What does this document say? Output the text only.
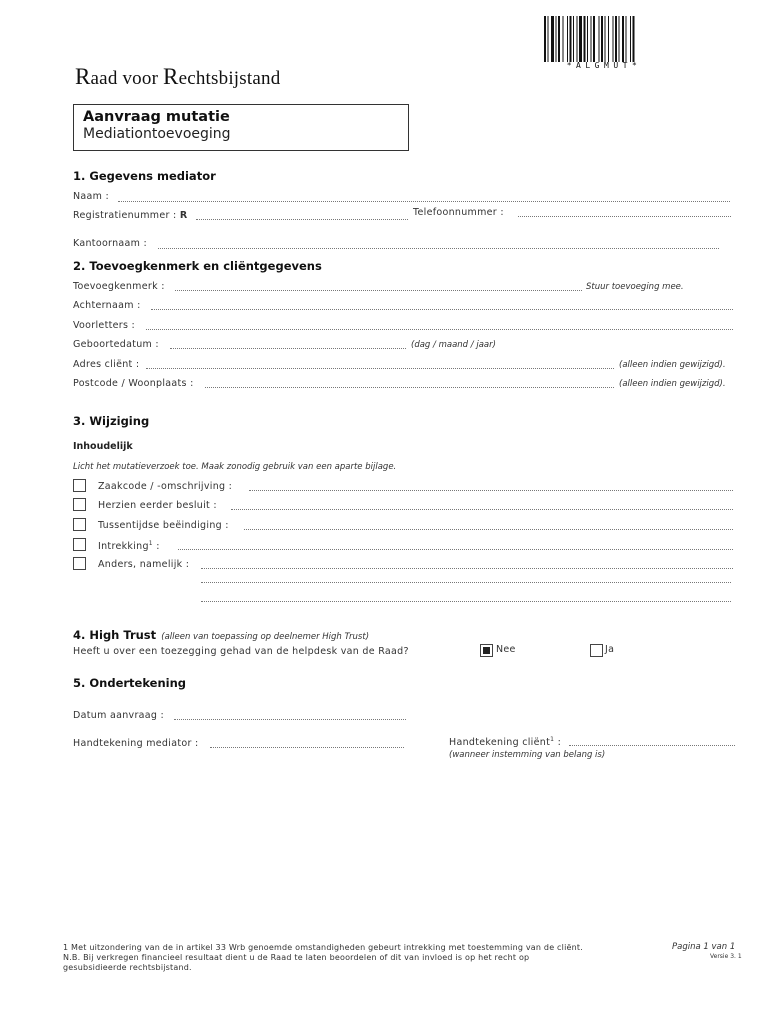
Raad voor Rechtsbijstand
*ALGMUT*
Aanvraag mutatie
Mediationtoevoeging
1. Gegevens mediator
Naam :
Registratienummer : R	Telefoonnummer :
Kantoornaam :
2. Toevoegkenmerk en cliëntgegevens
Toevoegkenmerk :	Stuur toevoeging mee.
Achternaam :
Voorletters :
Geboortedatum :	(dag / maand / jaar)
Adres cliënt :	(alleen indien gewijzigd).
Postcode / Woonplaats :	(alleen indien gewijzigd).
3. Wijziging
Inhoudelijk
Licht het mutatieverzoek toe. Maak zonodig gebruik van een aparte bijlage.
Zaakcode / -omschrijving :
Herzien eerder besluit :
Tussentijdse beëindiging :
Intrekking$^1$ :
Anders, namelijk :
4. High Trust (alleen van toepassing op deelnemer High Trust)
Heeft u over een toezegging gehad van de helpdesk van de Raad?	Nee	Ja
5. Ondertekening
Datum aanvraag :
Handtekening mediator :	Handtekening cliënt$^1$ :
(wanneer instemming van belang is)
1 Met uitzondering van de in artikel 33 Wrb genoemde omstandigheden gebeurt intrekking met toestemming van de cliënt.
N.B. Bij verkregen financieel resultaat dient u de Raad te laten beoordelen of dit van invloed is op het recht op
gesubsidieerde rechtsbijstand.
Pagina 1 van 1
Versie 3. 1
